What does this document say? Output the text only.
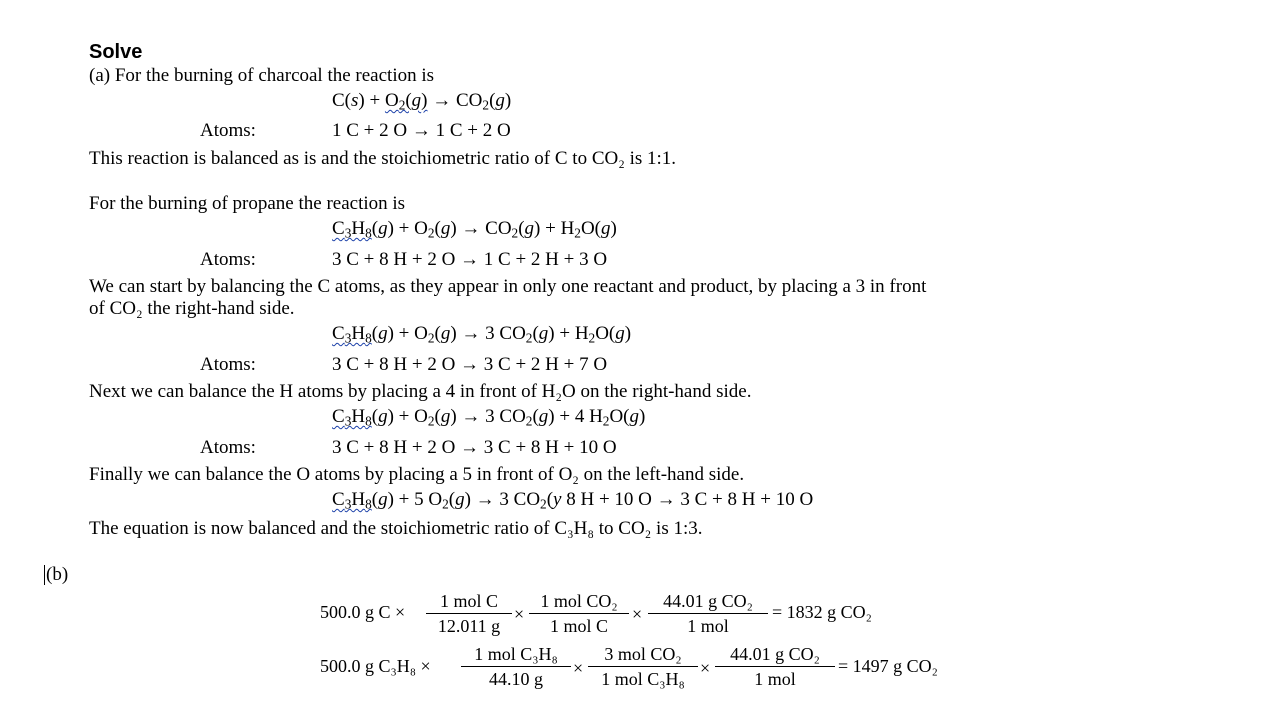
Solve
(a) For the burning of charcoal the reaction is
$C(s) + O_2(g) \to CO_2(g)$
Atoms:	1 C + 2 O → 1 C + 2 O
This reaction is balanced as is and the stoichiometric ratio of C to CO₂ is 1:1.
For the burning of propane the reaction is
$C_3H_8(g) + O_2(g) \to CO_2(g) + H_2O(g)$
Atoms:	3 C + 8 H + 2 O → 1 C + 2 H + 3 O
We can start by balancing the C atoms, as they appear in only one reactant and product, by placing a 3 in front
of CO₂ the right-hand side.
$C_3H_8(g) + O_2(g) \to 3$ $CO_2(g) + H_2O(g)$
Atoms:	3 C + 8 H + 2 O → 3 C + 2 H + 7 O
Next we can balance the H atoms by placing a 4 in front of H₂O on the right-hand side.
$C_3H_8(g) + O_2(g) \to 3$ $CO_2(g) + 4$ $H_2O(g)$
Atoms:	3 C + 8 H + 2 O → 3 C + 8 H + 10 O
Finally we can balance the O atoms by placing a 5 in front of O₂ on the left-hand side.
$C_3H_8(g) + 5$ $O_2(g) \to 3$ $CO_2(y$ 8 H + 10 O → 3 C + 8 H + 10 O
The equation is now balanced and the stoichiometric ratio of C₃H₈ to CO₂ is 1:3.
(b)
500.0 g C ×
1 mol C
12.011 g
×
1 mol CO₂
1 mol C
×
44.01 g CO₂
1 mol
= 1832 g CO₂
500.0 g C₃H₈ ×
1 mol C₃H₈
44.10 g
×
3 mol CO₂
1 mol C₃H₈
×
44.01 g CO₂
1 mol
= 1497 g CO₂
